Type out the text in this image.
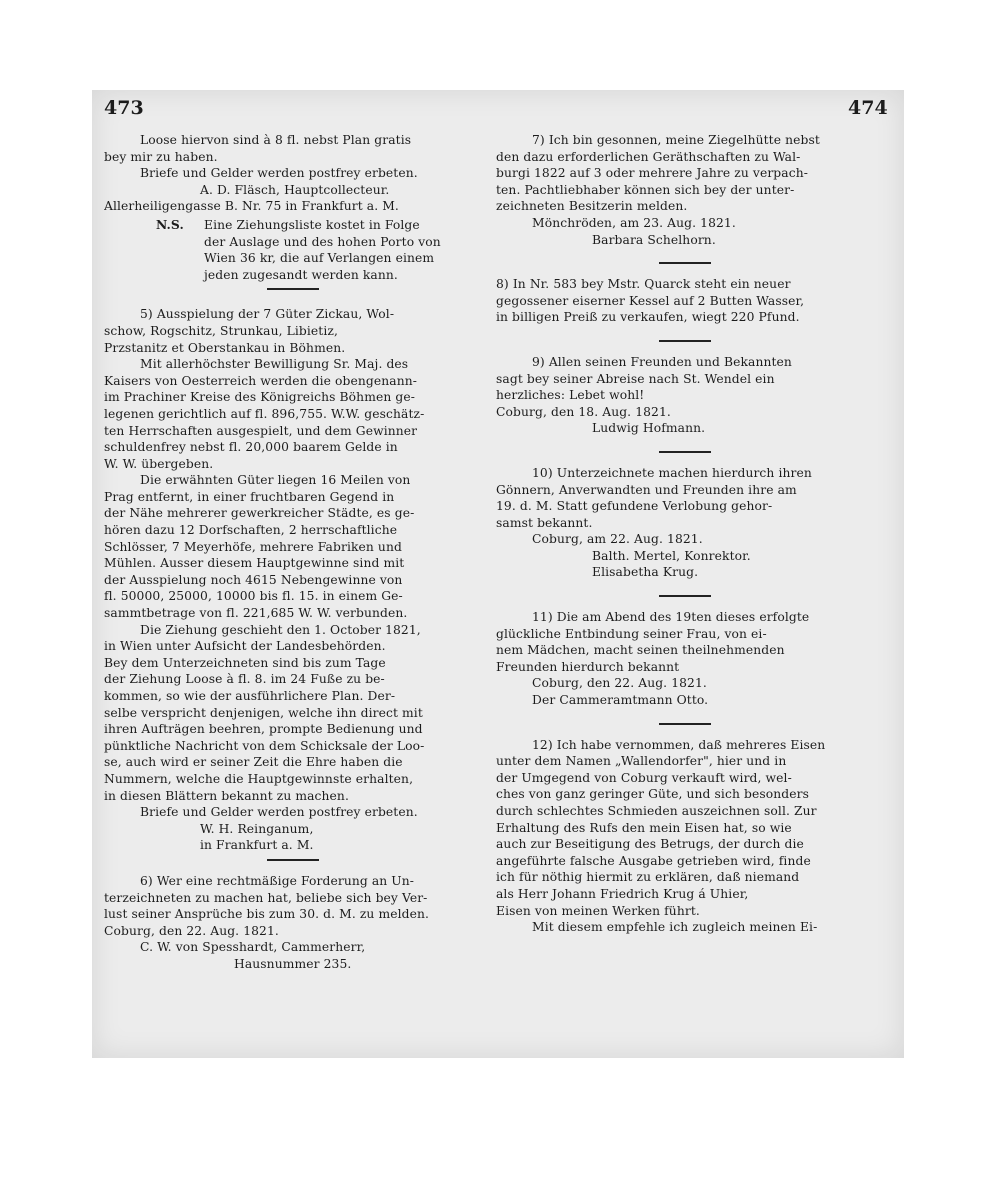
473	474
Loose hiervon sind à 8 fl. nebst Plan gratis
bey mir zu haben.
Briefe und Gelder werden postfrey erbeten.
A. D. Fläsch, Hauptcollecteur.
Allerheiligengasse B. Nr. 75 in Frankfurt a. M.
N.S. Eine Ziehungsliste kostet in Folge
der Auslage und des hohen Porto von
Wien 36 kr, die auf Verlangen einem
jeden zugesandt werden kann.
5) Ausspielung der 7 Güter Zickau, Wol-
schow, Rogschitz, Strunkau, Libietiz,
Przstanitz et Oberstankau in Böhmen.
Mit allerhöchster Bewilligung Sr. Maj. des
Kaisers von Oesterreich werden die obengenann-
im Prachiner Kreise des Königreichs Böhmen ge-
legenen gerichtlich auf fl. 896,755. W.W. geschätz-
ten Herrschaften ausgespielt, und dem Gewinner
schuldenfrey nebst fl. 20,000 baarem Gelde in
W. W. übergeben.
Die erwähnten Güter liegen 16 Meilen von
Prag entfernt, in einer fruchtbaren Gegend in
der Nähe mehrerer gewerkreicher Städte, es ge-
hören dazu 12 Dorfschaften, 2 herrschaftliche
Schlösser, 7 Meyerhöfe, mehrere Fabriken und
Mühlen. Ausser diesem Hauptgewinne sind mit
der Ausspielung noch 4615 Nebengewinne von
fl. 50000, 25000, 10000 bis fl. 15. in einem Ge-
sammtbetrage von fl. 221,685 W. W. verbunden.
Die Ziehung geschieht den 1. October 1821,
in Wien unter Aufsicht der Landesbehörden.
Bey dem Unterzeichneten sind bis zum Tage
der Ziehung Loose à fl. 8. im 24 Fuße zu be-
kommen, so wie der ausführlichere Plan. Der-
selbe verspricht denjenigen, welche ihn direct mit
ihren Aufträgen beehren, prompte Bedienung und
pünktliche Nachricht von dem Schicksale der Loo-
se, auch wird er seiner Zeit die Ehre haben die
Nummern, welche die Hauptgewinnste erhalten,
in diesen Blättern bekannt zu machen.
Briefe und Gelder werden postfrey erbeten.
W. H. Reinganum,
in Frankfurt a. M.
6) Wer eine rechtmäßige Forderung an Un-
terzeichneten zu machen hat, beliebe sich bey Ver-
lust seiner Ansprüche bis zum 30. d. M. zu melden.
Coburg, den 22. Aug. 1821.
C. W. von Spesshardt, Cammerherr,
Hausnummer 235.
7) Ich bin gesonnen, meine Ziegelhütte nebst
den dazu erforderlichen Geräthschaften zu Wal-
burgi 1822 auf 3 oder mehrere Jahre zu verpach-
ten. Pachtliebhaber können sich bey der unter-
zeichneten Besitzerin melden.
Mönchröden, am 23. Aug. 1821.
Barbara Schelhorn.
8) In Nr. 583 bey Mstr. Quarck steht ein neuer
gegossener eiserner Kessel auf 2 Butten Wasser,
in billigen Preiß zu verkaufen, wiegt 220 Pfund.
9) Allen seinen Freunden und Bekannten
sagt bey seiner Abreise nach St. Wendel ein
herzliches: Lebet wohl!
Coburg, den 18. Aug. 1821.
Ludwig Hofmann.
10) Unterzeichnete machen hierdurch ihren
Gönnern, Anverwandten und Freunden ihre am
19. d. M. Statt gefundene Verlobung gehor-
samst bekannt.
Coburg, am 22. Aug. 1821.
Balth. Mertel, Konrektor.
Elisabetha Krug.
11) Die am Abend des 19ten dieses erfolgte
glückliche Entbindung seiner Frau, von ei-
nem Mädchen, macht seinen theilnehmenden
Freunden hierdurch bekannt
Coburg, den 22. Aug. 1821.
Der Cammeramtmann Otto.
12) Ich habe vernommen, daß mehreres Eisen
unter dem Namen „Wallendorfer", hier und in
der Umgegend von Coburg verkauft wird, wel-
ches von ganz geringer Güte, und sich besonders
durch schlechtes Schmieden auszeichnen soll. Zur
Erhaltung des Rufs den mein Eisen hat, so wie
auch zur Beseitigung des Betrugs, der durch die
angeführte falsche Ausgabe getrieben wird, finde
ich für nöthig hiermit zu erklären, daß niemand
als Herr Johann Friedrich Krug á Uhier,
Eisen von meinen Werken führt.
Mit diesem empfehle ich zugleich meinen Ei-
